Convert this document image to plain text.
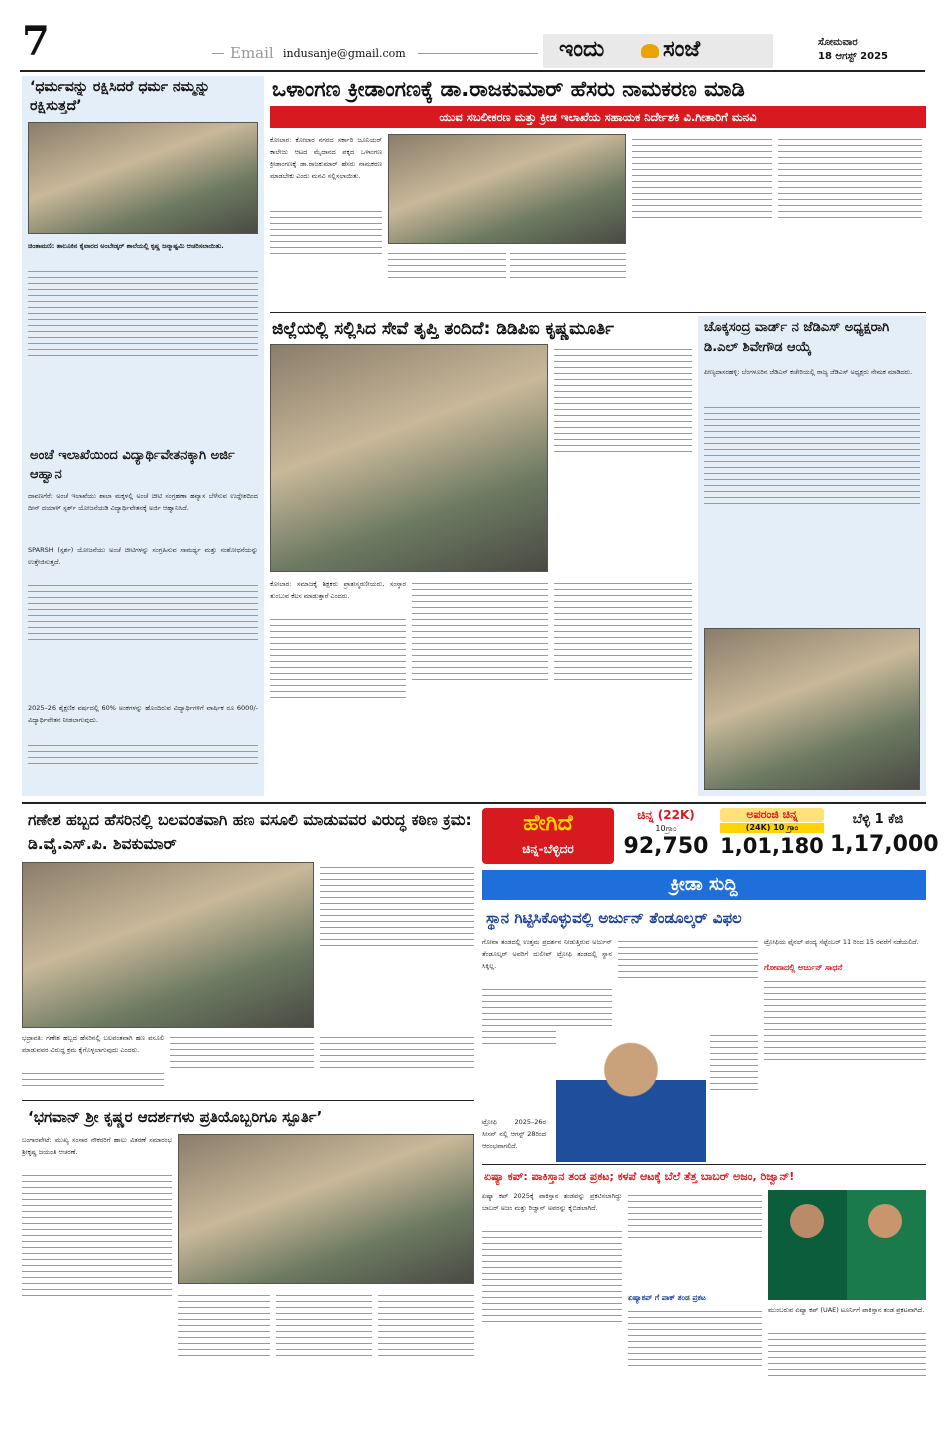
7	Email indusanje@gmail.com	ಇಂದು	ಸಂಜೆ	ಸೋಮವಾರ
18 ಆಗಸ್ಟ್ 2025
‘ಧರ್ಮವನ್ನು ರಕ್ಷಿಸಿದರೆ ಧರ್ಮ ನಮ್ಮನ್ನು ರಕ್ಷಿಸುತ್ತದೆ’
ಚಿಂತಾಮಣಿ: ತಾಲೂಕಿನ ಕೈವಾರದ ಅಂಬೇಡ್ಕರ್ ಶಾಲೆಯಲ್ಲಿ ಕೃಷ್ಣ ಜನ್ಮಾಷ್ಟಮಿ ಆಚರಿಸಲಾಯಿತು.
ಅಂಚೆ ಇಲಾಖೆಯಿಂದ ವಿದ್ಯಾರ್ಥಿವೇತನಕ್ಕಾಗಿ ಅರ್ಜಿ ಆಹ್ವಾನ
ದಾವಣಗೆರೆ: ಅಂಚೆ ಇಲಾಖೆಯು ಶಾಲಾ ಮಕ್ಕಳಲ್ಲಿ ಅಂಚೆ ಚೀಟಿ ಸಂಗ್ರಹಣಾ ಹವ್ಯಾಸ ಬೆಳೆಸುವ ಉದ್ದೇಶದಿಂದ ದೀನ್ ದಯಾಳ್ ಸ್ಪರ್ಶ್ ಯೋಜನೆಯಡಿ ವಿದ್ಯಾರ್ಥಿವೇತನಕ್ಕೆ ಅರ್ಜಿ ಆಹ್ವಾನಿಸಿದೆ.
SPARSH (ಸ್ಪರ್ಶ) ಯೋಜನೆಯು ಅಂಚೆ ಚೀಟಿಗಳನ್ನು ಸಂಗ್ರಹಿಸುವ ಸಾಮರ್ಥ್ಯ ಮತ್ತು ಸಂಶೋಧನೆಯನ್ನು ಉತ್ತೇಜಿಸುತ್ತದೆ.
2025–26 ಶೈಕ್ಷಣಿಕ ವರ್ಷದಲ್ಲಿ 60% ಅಂಕಗಳನ್ನು ಹೊಂದಿರುವ ವಿದ್ಯಾರ್ಥಿಗಳಿಗೆ ವಾರ್ಷಿಕ ರೂ 6000/- ವಿದ್ಯಾರ್ಥಿವೇತನ ನೀಡಲಾಗುವುದು.
ಒಳಾಂಗಣ ಕ್ರೀಡಾಂಗಣಕ್ಕೆ ಡಾ.ರಾಜಕುಮಾರ್ ಹೆಸರು ನಾಮಕರಣ ಮಾಡಿ
ಯುವ ಸಬಲೀಕರಣ ಮತ್ತು ಕ್ರೀಡ ಇಲಾಖೆಯ ಸಹಾಯಕ ನಿರ್ದೇಶಕಿ ವಿ.ಗೀತಾರಿಗೆ ಮನವಿ
ಕೋಲಾರ: ಕೋಲಾರ ನಗರದ ಸರ್ಕಾರಿ ಜೂನಿಯರ್ ಕಾಲೇಜು ಆಟದ ಮೈದಾನದ ಪಕ್ಕದ ಒಳಾಂಗಣ ಕ್ರೀಡಾಂಗಣಕ್ಕೆ ಡಾ.ರಾಜಕುಮಾರ್ ಹೆಸರು ನಾಮಕರಣ ಮಾಡಬೇಕು ಎಂದು ಮನವಿ ಸಲ್ಲಿಸಲಾಯಿತು.
ಜಿಲ್ಲೆಯಲ್ಲಿ ಸಲ್ಲಿಸಿದ ಸೇವೆ ತೃಪ್ತಿ ತಂದಿದೆ: ಡಿಡಿಪಿಐ ಕೃಷ್ಣಮೂರ್ತಿ
ಕೋಲಾರ: ಸಮಾಜಕ್ಕೆ ಶಿಕ್ಷಕರು ಪ್ರಾತಃಸ್ಮರಣೀಯರು, ಸಂಸ್ಕಾರ ತುಂಬುವ ಕೆಲಸ ಮಾಡುತ್ತಾರೆ ಎಂದರು.
ಚೊಕ್ಕಸಂದ್ರ ವಾರ್ಡ್ ನ ಜೆಡಿಎಸ್ ಅಧ್ಯಕ್ಷರಾಗಿ ಡಿ.ಎಲ್ ಶಿವೇಗೌಡ ಆಯ್ಕೆ
ಪೀಣ್ಯದಾಸರಹಳ್ಳಿ: ಬೆಂಗಳೂರಿನ ಜೆಡಿಎಸ್ ಕಚೇರಿಯಲ್ಲಿ ರಾಜ್ಯ ಜೆಡಿಎಸ್ ಅಧ್ಯಕ್ಷರು ನೇಮಕ ಮಾಡಿದರು.
ಗಣೇಶ ಹಬ್ಬದ ಹೆಸರಿನಲ್ಲಿ ಬಲವಂತವಾಗಿ ಹಣ ವಸೂಲಿ ಮಾಡುವವರ ವಿರುದ್ಧ ಕಠಿಣ ಕ್ರಮ: ಡಿ.ವೈ.ಎಸ್.ಪಿ. ಶಿವಕುಮಾರ್
ಭದ್ರಾವತಿ: ಗಣೇಶ ಹಬ್ಬದ ಹೆಸರಿನಲ್ಲಿ ಬಲವಂತವಾಗಿ ಹಣ ವಸೂಲಿ ಮಾಡುವವರ ವಿರುದ್ಧ ಕ್ರಮ ಕೈಗೊಳ್ಳಲಾಗುವುದು ಎಂದರು.
‘ಭಗವಾನ್ ಶ್ರೀ ಕೃಷ್ಣರ ಆದರ್ಶಗಳು ಪ್ರತಿಯೊಬ್ಬರಿಗೂ ಸ್ಪೂರ್ತಿ’
ಬಂಗಾರಪೇಟೆ: ಮುಖ್ಯ ಸಂಸಾರ ನೌಕರರಿಗೆ ಹಾಲು ವಿತರಣೆ ಸಮಾರಂಭ ಶ್ರೀಕೃಷ್ಣ ಜಯಂತಿ ಆಚರಣೆ.
ಹೇಗಿದೆ
ಚಿನ್ನ-ಬೆಳ್ಳಿದರ
ಚಿನ್ನ (22K)
10ಗ್ರಾಂ
92,750
ಅಪರಂಜಿ ಚಿನ್ನ
(24K) 10 ಗ್ರಾಂ
1,01,180
ಬೆಳ್ಳಿ 1 ಕೆಜಿ
1,17,000
ಕ್ರೀಡಾ ಸುದ್ದಿ
ಸ್ಥಾನ ಗಿಟ್ಟಿಸಿಕೊಳ್ಳುವಲ್ಲಿ ಅರ್ಜುನ್ ತೆಂಡೂಲ್ಕರ್ ವಿಫಲ
ಗೋವಾ ತಂಡದಲ್ಲಿ ಉತ್ತಮ ಪ್ರದರ್ಶನ ನೀಡುತ್ತಿರುವ ಅರ್ಜುನ್ ತೆಂಡೂಲ್ಕರ್ ಅವರಿಗೆ ದುಲೀಪ್ ಟ್ರೋಫಿ ತಂಡದಲ್ಲಿ ಸ್ಥಾನ ಸಿಕ್ಕಿಲ್ಲ.
ಟ್ರೋಫಿ 2025–26ರ ಸೀಸನ್ ನಲ್ಲಿ ಆಗಸ್ಟ್ 28ರಿಂದ ಆರಂಭವಾಗಲಿದೆ.
ಟ್ರೋಫಿಯ ಫೈನಲ್ ಪಂದ್ಯ ಸೆಪ್ಟೆಂಬರ್ 11 ರಿಂದ 15 ರವರೆಗೆ ನಡೆಯಲಿದೆ.
ಗೋವಾದಲ್ಲಿ ಅರ್ಜುನ್ ಸಾಧನೆ
ಏಷ್ಯಾ ಕಪ್: ಪಾಕಿಸ್ತಾನ ತಂಡ ಪ್ರಕಟ; ಕಳಪೆ ಆಟಕ್ಕೆ ಬೆಲೆ ತೆತ್ತ ಬಾಬರ್ ಅಜಂ, ರಿಜ್ವಾನ್!
ಏಷ್ಯಾ ಕಪ್ 2025ಕ್ಕೆ ಪಾಕಿಸ್ತಾನ ತಂಡವನ್ನು ಪ್ರಕಟಿಸಲಾಗಿದ್ದು ಬಾಬರ್ ಅಜಂ ಮತ್ತು ರಿಜ್ವಾನ್ ಅವರನ್ನು ಕೈಬಿಡಲಾಗಿದೆ.
ಏಷ್ಯಾಕಪ್ ಗೆ ಪಾಕ್ ತಂಡ ಪ್ರಕಟ
ಮುಂಬರುವ ಏಷ್ಯಾ ಕಪ್ (UAE) ಟೂರ್ನಿಗೆ ಪಾಕಿಸ್ತಾನ ತಂಡ ಪ್ರಕಟವಾಗಿದೆ.
